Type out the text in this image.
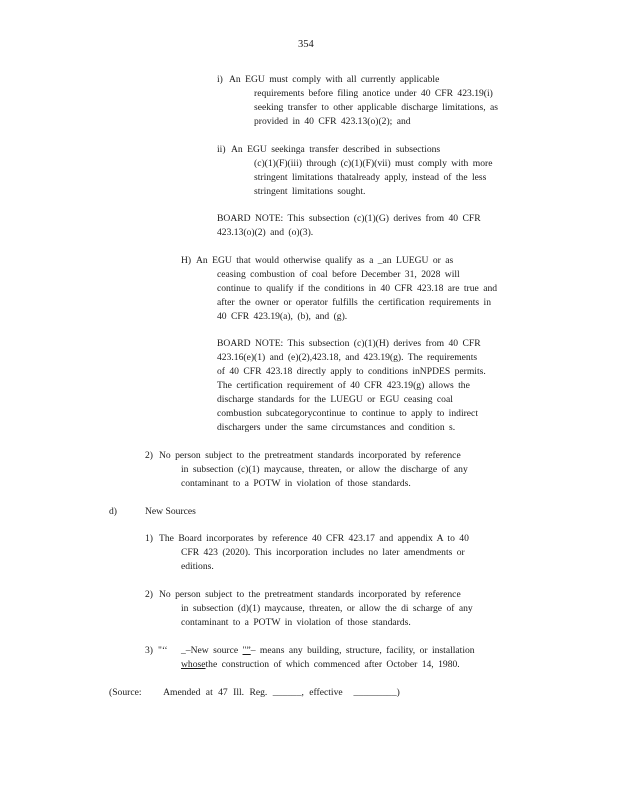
354
i) An EGU must comply with all currently applicable
requirements before filing anotice under 40 CFR 423.19(i)
seeking transfer to other applicable discharge limitations, as
provided in 40 CFR 423.13(o)(2); and
ii) An EGU seekinga transfer described in subsections
(c)(1)(F)(iii) through (c)(1)(F)(vii) must comply with more
stringent limitations thatalready apply, instead of the less
stringent limitations sought.
BOARD NOTE: This subsection (c)(1)(G) derives from 40 CFR
423.13(o)(2) and (o)(3).
H) An EGU that would otherwise qualify as a _an LUEGU or as
ceasing combustion of coal before December 31, 2028 will
continue to qualify if the conditions in 40 CFR 423.18 are true and
after the owner or operator fulfills the certification requirements in
40 CFR 423.19(a), (b), and (g).
BOARD NOTE: This subsection (c)(1)(H) derives from 40 CFR
423.16(e)(1) and (e)(2),423.18, and 423.19(g). The requirements
of 40 CFR 423.18 directly apply to conditions inNPDES permits.
The certification requirement of 40 CFR 423.19(g) allows the
discharge standards for the LUEGU or EGU ceasing coal
combustion subcategorycontinue to continue to apply to indirect
dischargers under the same circumstances and condition s.
2) No person subject to the pretreatment standards incorporated by reference
in subsection (c)(1) maycause, threaten, or allow the discharge of any
contaminant to a POTW in violation of those standards.
d)	New Sources
1) The Board incorporates by reference 40 CFR 423.17 and appendix A to 40
CFR 423 (2020). This incorporation includes no later amendments or
editions.
2) No person subject to the pretreatment standards incorporated by reference
in subsection (d)(1) maycause, threaten, or allow the di scharge of any
contaminant to a POTW in violation of those standards.
3) "‘‘ _–New source "”– means any building, structure, facility, or installation
whosethe construction of which commenced after October 14, 1980.
(Source: Amended at 47 Ill. Reg. ______, effective _________)
